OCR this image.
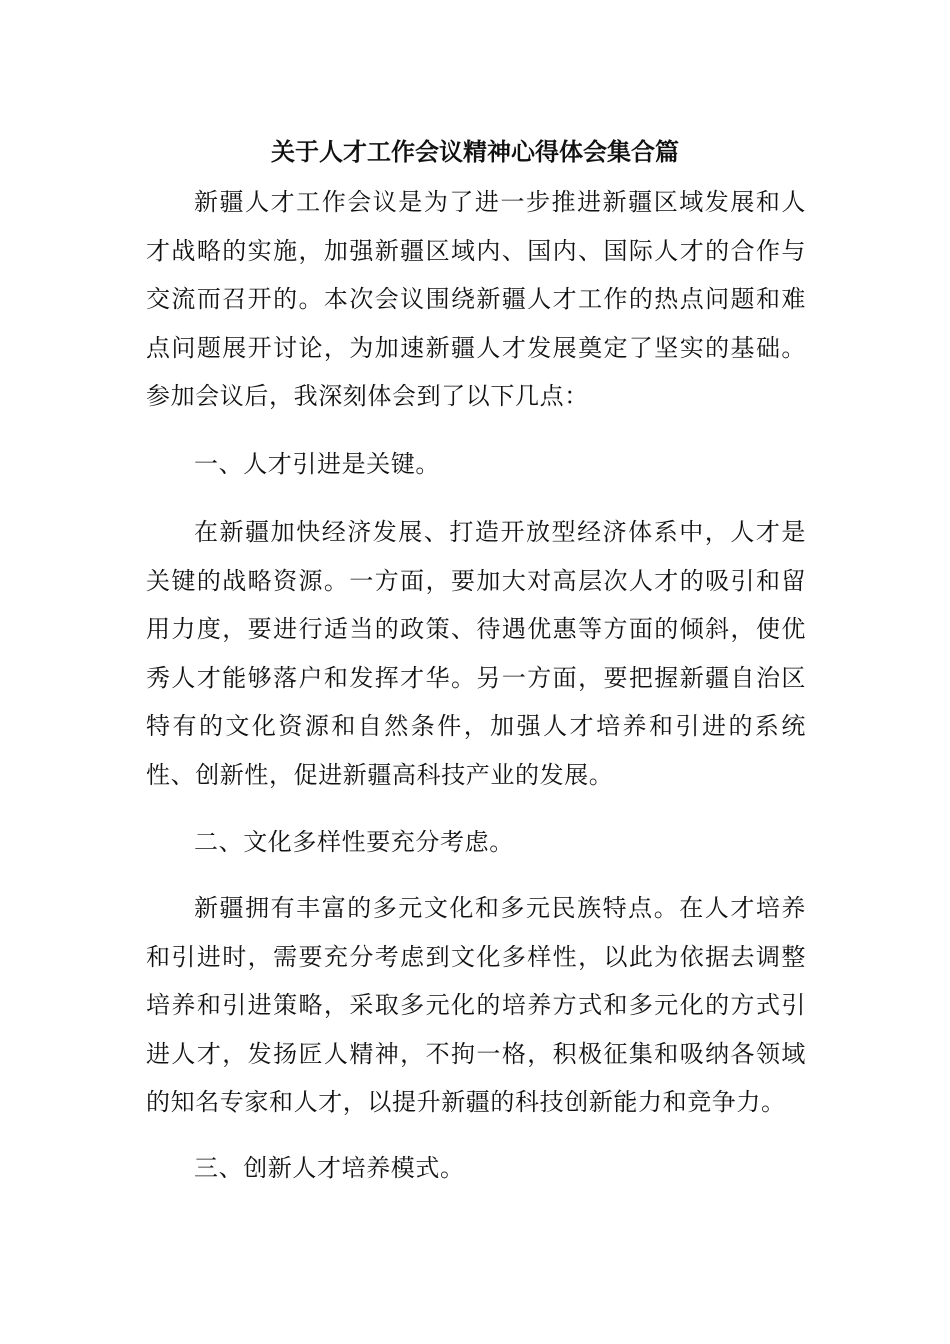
关于人才工作会议精神心得体会集合篇

新疆人才工作会议是为了进一步推进新疆区域发展和人才战略的实施，加强新疆区域内、国内、国际人才的合作与交流而召开的。本次会议围绕新疆人才工作的热点问题和难点问题展开讨论，为加速新疆人才发展奠定了坚实的基础。参加会议后，我深刻体会到了以下几点：

一、人才引进是关键。

在新疆加快经济发展、打造开放型经济体系中，人才是关键的战略资源。一方面，要加大对高层次人才的吸引和留用力度，要进行适当的政策、待遇优惠等方面的倾斜，使优秀人才能够落户和发挥才华。另一方面，要把握新疆自治区特有的文化资源和自然条件，加强人才培养和引进的系统性、创新性，促进新疆高科技产业的发展。

二、文化多样性要充分考虑。

新疆拥有丰富的多元文化和多元民族特点。在人才培养和引进时，需要充分考虑到文化多样性，以此为依据去调整培养和引进策略，采取多元化的培养方式和多元化的方式引进人才，发扬匠人精神，不拘一格，积极征集和吸纳各领域的知名专家和人才，以提升新疆的科技创新能力和竞争力。

三、创新人才培养模式。
